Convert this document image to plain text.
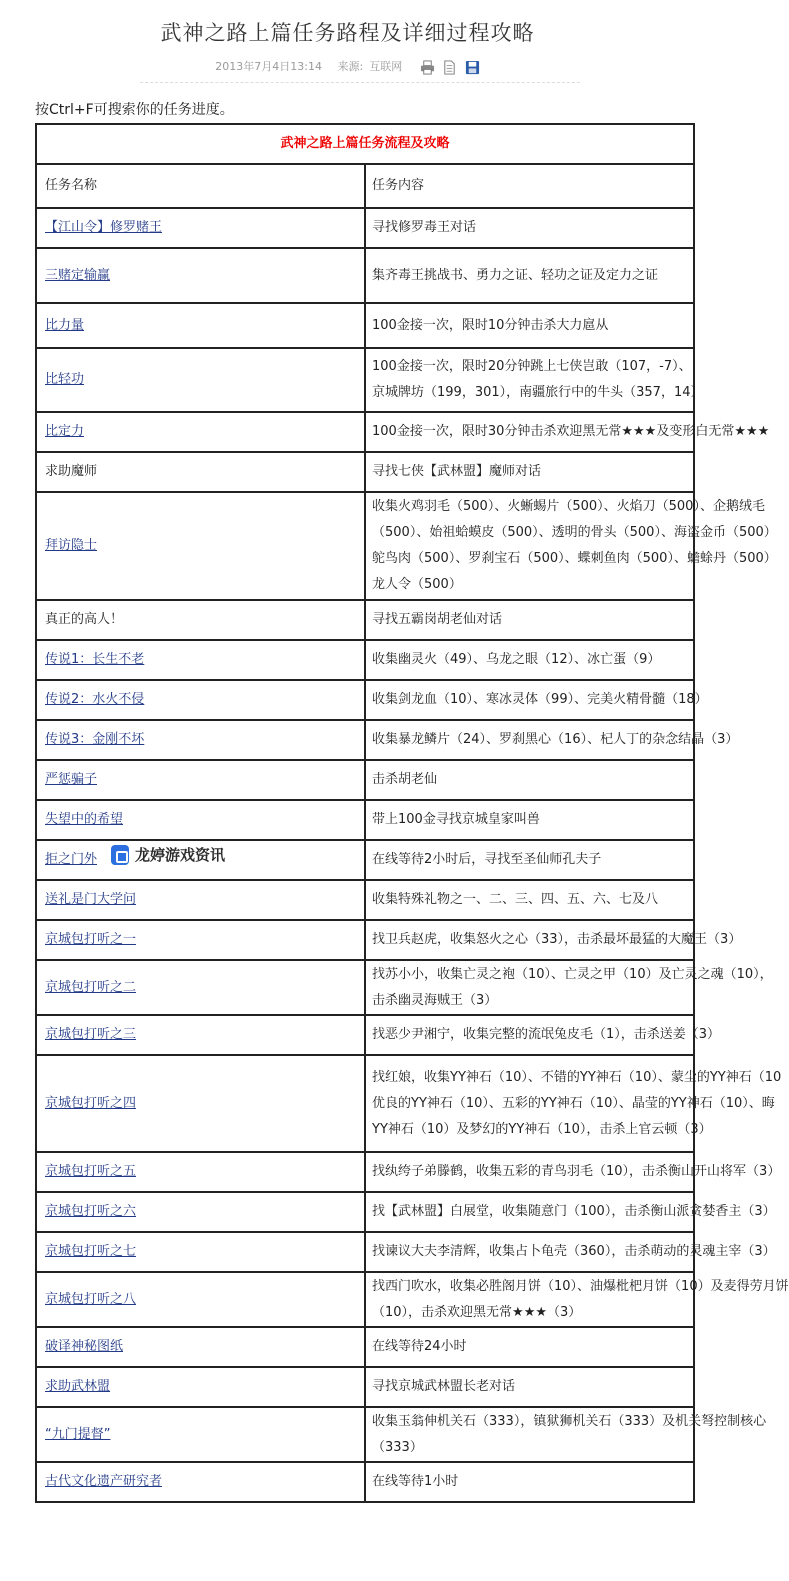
武神之路上篇任务路程及详细过程攻略
2013年7月4日13:14 来源: 互联网
按Ctrl+F可搜索你的任务进度。
武神之路上篇任务流程及攻略	
任务名称	任务内容
【江山令】修罗赌王	寻找修罗毒王对话

三赌定输赢	集齐毒王挑战书、勇力之证、轻功之证及定力之证

比力量	100金接一次，限时10分钟击杀大力扈从

比轻功	100金接一次，限时20分钟跳上七侠岂敢（107，-7）、
京城牌坊（199，301），南疆旅行中的牛头（357，14）

比定力	100金接一次，限时30分钟击杀欢迎黑无常★★★及变形白无常★★★

求助魔师	寻找七侠【武林盟】魔师对话

拜访隐士	收集火鸡羽毛（500）、火蜥蜴片（500）、火焰刀（500）、企鹅绒毛
（500）、始祖蛤蟆皮（500）、透明的骨头（500）、海盗金币（500）
鸵鸟肉（500）、罗刹宝石（500）、蝶刺鱼肉（500）、蟾蜍丹（500）
龙人令（500）

真正的高人！	寻找五霸岗胡老仙对话

传说1：长生不老	收集幽灵火（49）、乌龙之眼（12）、冰亡蛋（9）

传说2：水火不侵	收集剑龙血（10）、寒冰灵体（99）、完美火精骨髓（18）

传说3：金刚不坏	收集暴龙鳞片（24）、罗刹黑心（16）、杞人丁的杂念结晶（3）

严惩骗子	击杀胡老仙

失望中的希望	带上100金寻找京城皇家叫兽

拒之门外	在线等待2小时后，寻找至圣仙师孔夫子

送礼是门大学问	收集特殊礼物之一、二、三、四、五、六、七及八

京城包打听之一	找卫兵赵虎，收集怒火之心（33），击杀最坏最猛的大魔王（3）

京城包打听之二	找苏小小，收集亡灵之袍（10）、亡灵之甲（10）及亡灵之魂（10），
击杀幽灵海贼王（3）

京城包打听之三	找恶少尹湘宁，收集完整的流氓兔皮毛（1），击杀送姜（3）

京城包打听之四	找红娘，收集YY神石（10）、不错的YY神石（10）、蒙尘的YY神石（10
优良的YY神石（10）、五彩的YY神石（10）、晶莹的YY神石（10）、晦
YY神石（10）及梦幻的YY神石（10），击杀上官云顿（3）

京城包打听之五	找纨绔子弟滕鹤，收集五彩的青鸟羽毛（10），击杀衡山开山将军（3）

京城包打听之六	找【武林盟】白展堂，收集随意门（100），击杀衡山派贪婪香主（3）

京城包打听之七	找谏议大夫李清辉，收集占卜龟壳（360），击杀萌动的灵魂主宰（3）

京城包打听之八	找西门吹水，收集必胜阁月饼（10）、油爆枇杷月饼（10）及麦得劳月饼
（10），击杀欢迎黑无常★★★（3）

破译神秘图纸	在线等待24小时

求助武林盟	寻找京城武林盟长老对话

“九门提督”	收集玉翁伸机关石（333），镇狱狮机关石（333）及机关弩控制核心
（333）

古代文化遗产研究者	在线等待1小时
龙婷游戏资讯
